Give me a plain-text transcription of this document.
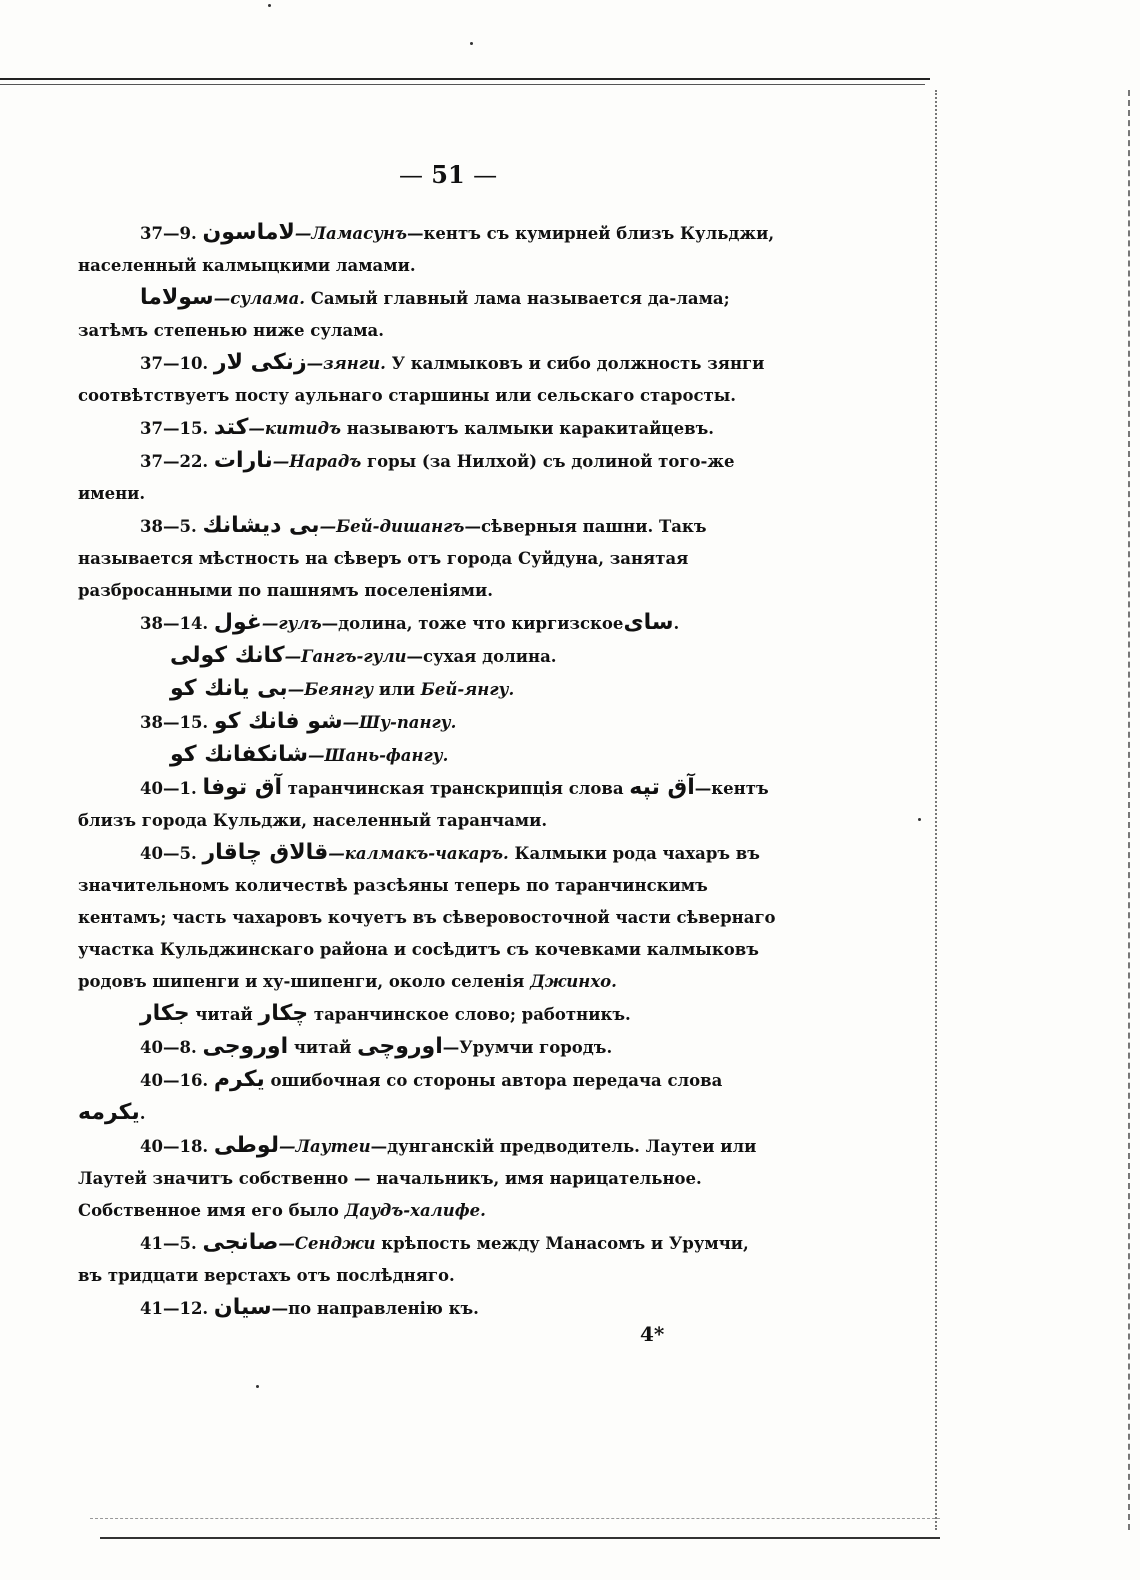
— 51 —
37—9. لاماسون—Ламасунъ—кентъ съ кумирней близъ Кульджи, населенный калмыцкими ламами.
سولاما—сулама. Самый главный лама называется да-лама; затѣмъ степенью ниже сулама.
37—10. زنكى لار—зянги. У калмыковъ и сибо должность зянги соотвѣтствуетъ посту аульнаго старшины или сельскаго старосты.
37—15. كتد—китидъ называютъ калмыки каракитайцевъ.
37—22. نارات—Нарадъ горы (за Нилхой) съ долиной того-же имени.
38—5. بى ديشانك—Бей-дишангъ—сѣверныя пашни. Такъ называется мѣстность на сѣверъ отъ города Суйдуна, занятая разбросанными по пашнямъ поселеніями.
38—14. غول—гулъ—долина, тоже что киргизскоеساى.
كانك كولى—Гангъ-гули—сухая долина.
بى يانك كو—Беянгу или Бей-янгу.
38—15. شو فانك كو—Шу-пангу.
شانكفانك كو—Шань-фангу.
40—1. آق توفا таранчинская транскрипція слова آق تپه—кентъ близъ города Кульджи, населенный таранчами.
40—5. قالاق چاقار—калмакъ-чакаръ. Калмыки рода чахаръ въ значительномъ количествѣ разсѣяны теперь по таранчинскимъ кентамъ; часть чахаровъ кочуетъ въ сѣверовосточной части сѣвернаго участка Кульджинскаго района и сосѣдитъ съ кочевками калмыковъ родовъ шипенги и ху-шипенги, около селенія Джинхо.
جكار читай چكار таранчинское слово; работникъ.
40—8. اوروجى читай اوروچى—Урумчи городъ.
40—16. يكرم ошибочная со стороны автора передача слова يكرمه.
40—18. لوطى—Лаутеи—дунганскій предводитель. Лаутеи или Лаутей значитъ собственно — начальникъ, имя нарицательное. Собственное имя его было Даудъ-халифе.
41—5. صانجى—Сенджи крѣпость между Манасомъ и Урумчи, въ тридцати верстахъ отъ послѣдняго.
41—12. سيان—по направленію къ.
4*
